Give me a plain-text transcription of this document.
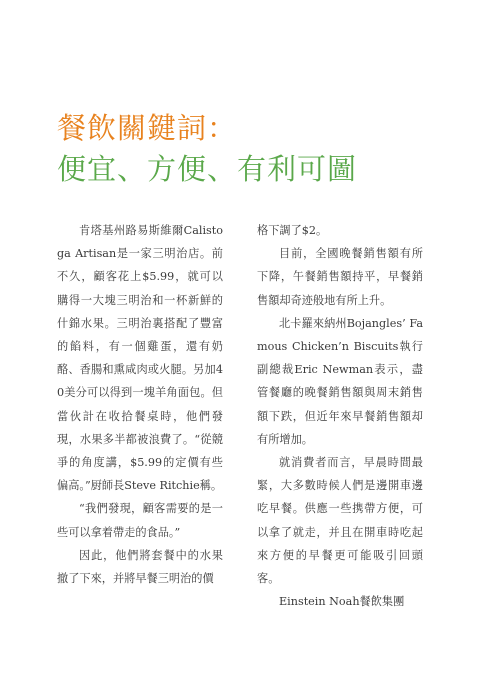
餐飲關鍵詞：
便宜、方便、有利可圖

肯塔基州路易斯維爾Calistoga Artisan是一家三明治店。前不久，顧客花上$5.99，就可以購得一大塊三明治和一杯新鮮的什錦水果。三明治裏搭配了豐富的餡料，有一個雞蛋，還有奶酪、香腸和熏咸肉或火腿。另加40美分可以得到一塊羊角面包。但當伙計在收拾餐桌時，他們發現，水果多半都被浪費了。“從競爭的角度講，$5.99的定價有些偏高。”厨師長Steve Ritchie稱。

“我們發現，顧客需要的是一些可以拿着帶走的食品。”

因此，他們將套餐中的水果撤了下來，并將早餐三明治的價

格下調了$2。

目前，全國晚餐銷售額有所下降，午餐銷售額持平，早餐銷售額却奇迹般地有所上升。

北卡羅來納州Bojangles’ Famous Chicken’n Biscuits執行副總裁Eric Newman表示，盡管餐廳的晚餐銷售額與周末銷售額下跌，但近年來早餐銷售額却有所增加。

就消費者而言，早晨時間最緊，大多數時候人們是邊開車邊吃早餐。供應一些携帶方便，可以拿了就走，并且在開車時吃起來方便的早餐更可能吸引回頭客。

Einstein Noah餐飲集團
